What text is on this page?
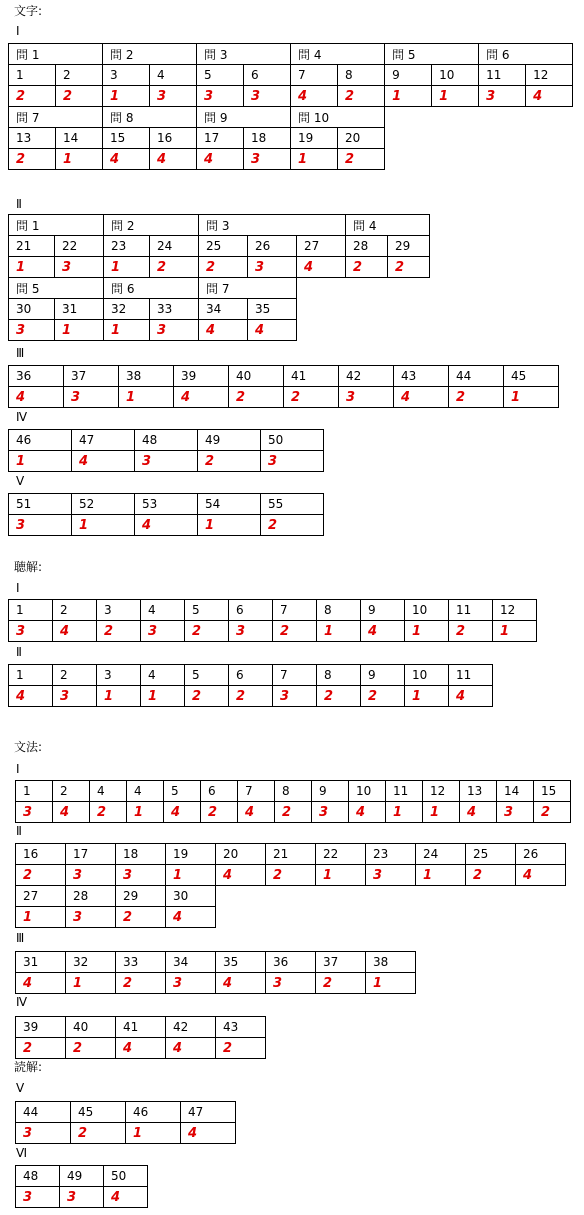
文字:
I
問 1		問 2		問 3		問 4		問 5		問 6	
1	2	3	4	5	6	7	8	9	10	11	12
2	2	1	3	3	3	4	2	1	1	3	4
問 7		問 8		問 9		問 10					
13	14	15	16	17	18	19	20				
2	1	4	4	4	3	1	2				
Ⅱ
問 1		問 2		問 3			問 4	
21	22	23	24	25	26	27	28	29
1	3	1	2	2	3	4	2	2
問 5		問 6		問 7				
30	31	32	33	34	35			
3	1	1	3	4	4			
Ⅲ
36	37	38	39	40	41	42	43	44	45
4	3	1	4	2	2	3	4	2	1
Ⅳ
46	47	48	49	50
1	4	3	2	3
Ⅴ
51	52	53	54	55
3	1	4	1	2
聴解:
I
1	2	3	4	5	6	7	8	9	10	11	12
3	4	2	3	2	3	2	1	4	1	2	1
Ⅱ
1	2	3	4	5	6	7	8	9	10	11
4	3	1	1	2	2	3	2	2	1	4
文法:
I
1	2	4	4	5	6	7	8	9	10	11	12	13	14	15
3	4	2	1	4	2	4	2	3	4	1	1	4	3	2
Ⅱ
16	17	18	19	20	21	22	23	24	25	26
2	3	3	1	4	2	1	3	1	2	4
27	28	29	30							
1	3	2	4							
Ⅲ
31	32	33	34	35	36	37	38
4	1	2	3	4	3	2	1
Ⅳ
39	40	41	42	43
2	2	4	4	2
読解:
Ⅴ
44	45	46	47
3	2	1	4
Ⅵ
48	49	50
3	3	4
